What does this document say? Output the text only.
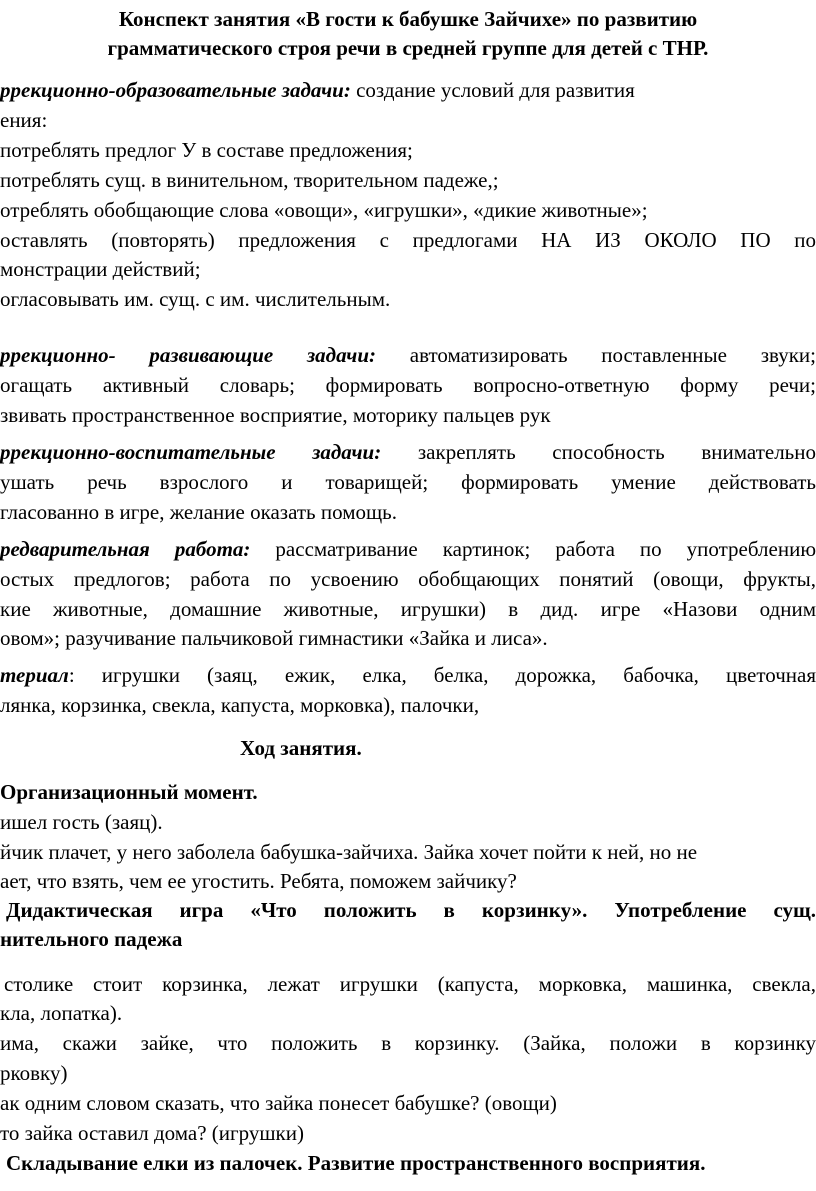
Конспект занятия «В гости к бабушке Зайчихе» по развитию
грамматического строя речи в средней группе для детей с ТНР.
ррекционно-образовательные задачи: создание условий для развития
ения:
потреблять предлог У в составе предложения;
потреблять сущ. в винительном, творительном падеже,;
отреблять обобщающие слова «овощи», «игрушки», «дикие животные»;
оставлять (повторять) предложения с предлогами НА ИЗ ОКОЛО ПО по
монстрации действий;
огласовывать им. сущ. с им. числительным.
ррекционно- развивающие задачи: автоматизировать поставленные звуки;
огащать активный словарь; формировать вопросно-ответную форму речи;
звивать пространственное восприятие, моторику пальцев рук
ррекционно-воспитательные задачи: закреплять способность внимательно
ушать речь взрослого и товарищей; формировать умение действовать
гласованно в игре, желание оказать помощь.
редварительная работа: рассматривание картинок; работа по употреблению
остых предлогов; работа по усвоению обобщающих понятий (овощи, фрукты,
кие животные, домашние животные, игрушки) в дид. игре «Назови одним
овом»; разучивание пальчиковой гимнастики «Зайка и лиса».
териал: игрушки (заяц, ежик, елка, белка, дорожка, бабочка, цветочная
лянка, корзинка, свекла, капуста, морковка), палочки,
Ход занятия.
Организационный момент.
ишел гость (заяц).
йчик плачет, у него заболела бабушка-зайчиха. Зайка хочет пойти к ней, но не
ает, что взять, чем ее угостить. Ребята, поможем зайчику?
Дидактическая игра «Что положить в корзинку». Употребление сущ.
нительного падежа
столике стоит корзинка, лежат игрушки (капуста, морковка, машинка, свекла,
кла, лопатка).
има, скажи зайке, что положить в корзинку. (Зайка, положи в корзинку
рковку)
ак одним словом сказать, что зайка понесет бабушке? (овощи)
то зайка оставил дома? (игрушки)
Складывание елки из палочек. Развитие пространственного восприятия.
